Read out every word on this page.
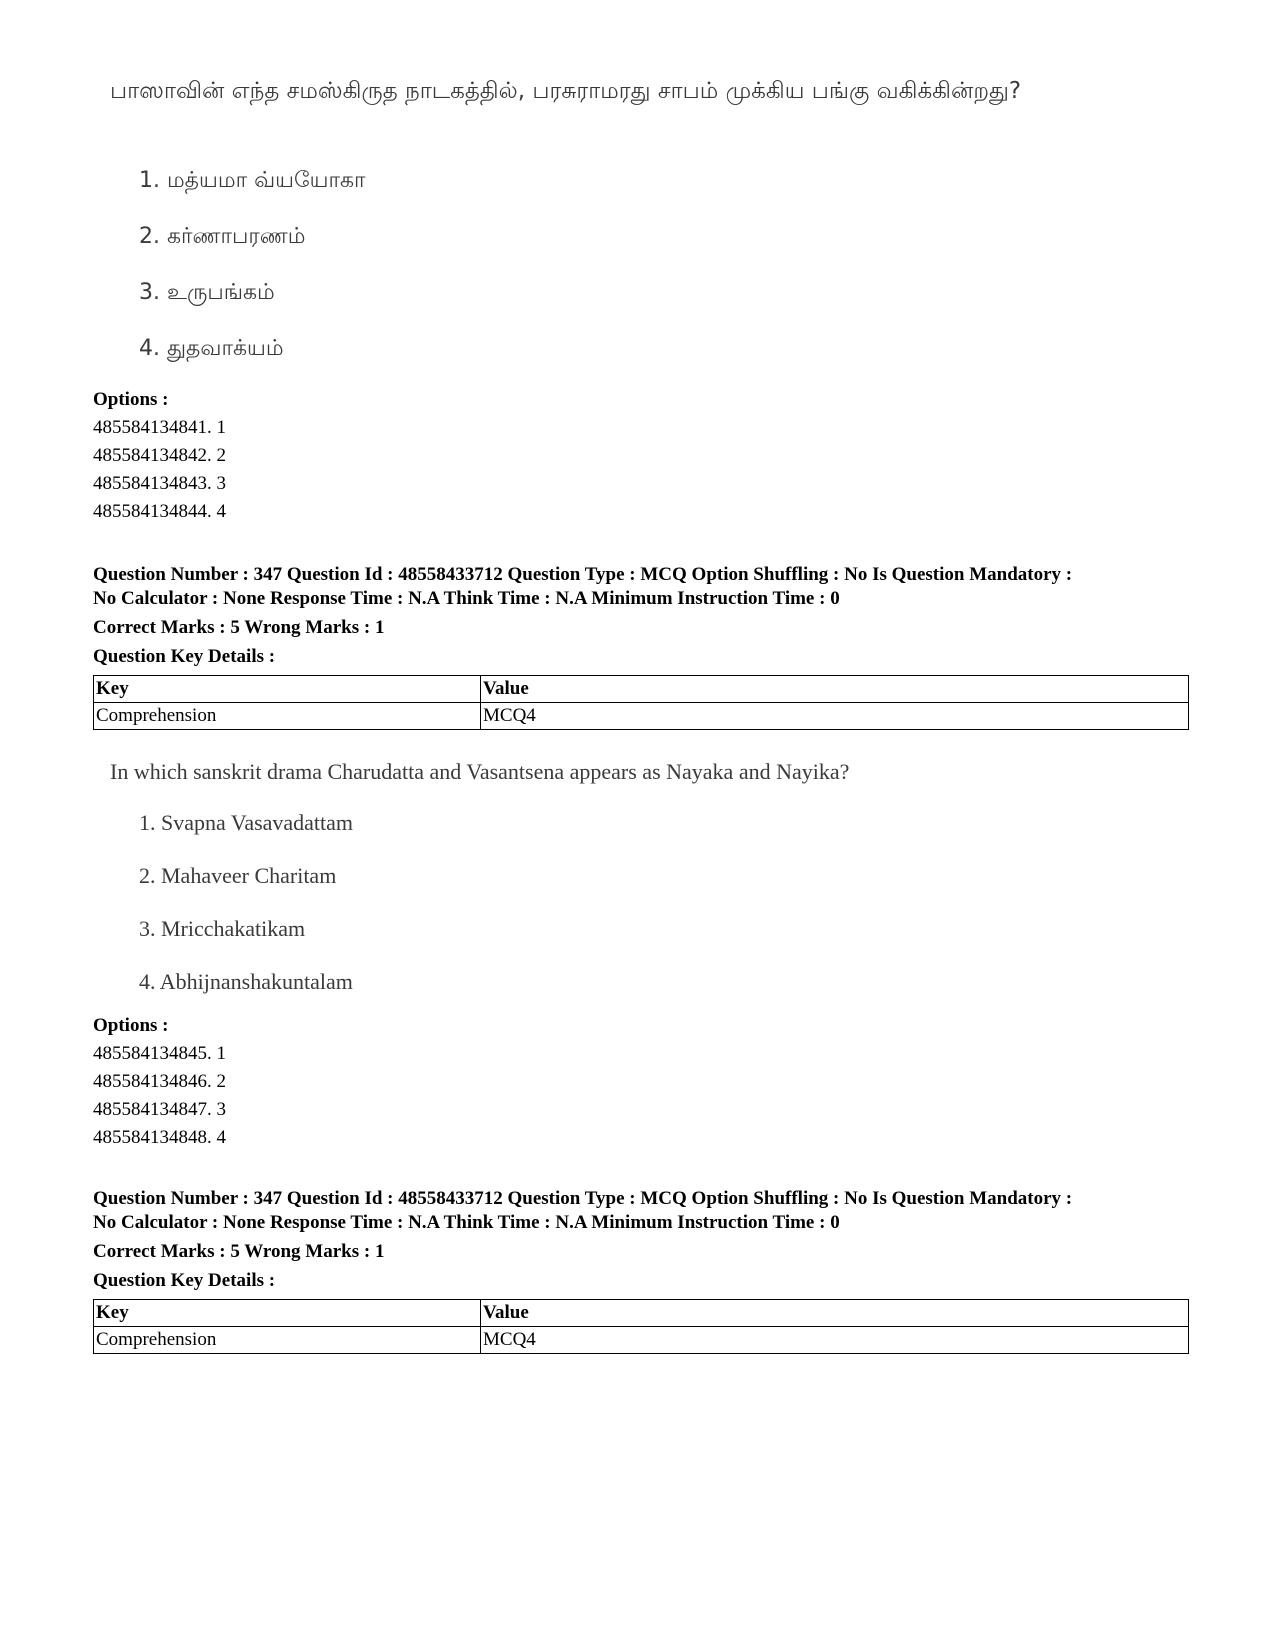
பாஸாவின் எந்த சமஸ்கிருத நாடகத்தில், பரசுராமரது சாபம் முக்கிய பங்கு வகிக்கின்றது?
1. மத்யமா வ்யயோகா
2. கர்ணாபரணம்
3. உருபங்கம்
4. துதவாக்யம்
Options :
485584134841. 1
485584134842. 2
485584134843. 3
485584134844. 4
Question Number : 347 Question Id : 48558433712 Question Type : MCQ Option Shuffling : No Is Question Mandatory :
No Calculator : None Response Time : N.A Think Time : N.A Minimum Instruction Time : 0
Correct Marks : 5 Wrong Marks : 1
Question Key Details :
Key	Value
Comprehension	MCQ4
In which sanskrit drama Charudatta and Vasantsena appears as Nayaka and Nayika?
1. Svapna Vasavadattam
2. Mahaveer Charitam
3. Mricchakatikam
4. Abhijnanshakuntalam
Options :
485584134845. 1
485584134846. 2
485584134847. 3
485584134848. 4
Question Number : 347 Question Id : 48558433712 Question Type : MCQ Option Shuffling : No Is Question Mandatory :
No Calculator : None Response Time : N.A Think Time : N.A Minimum Instruction Time : 0
Correct Marks : 5 Wrong Marks : 1
Question Key Details :
Key	Value
Comprehension	MCQ4
